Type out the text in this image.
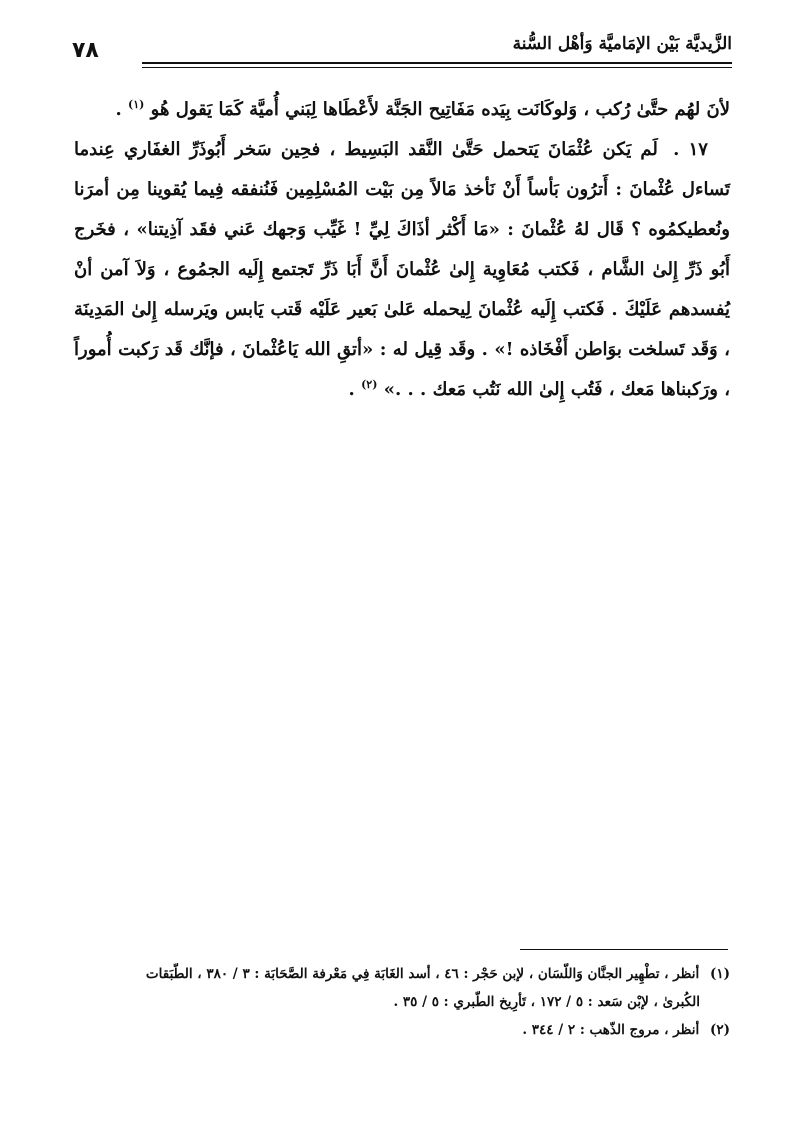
الزَّيديَّة بَيْن الإمَاميَّة وَأهْل السُّنة
٧٨

لأنَ لهُم حتَّىٰ رُكب ، وَلوكَانَت بِيَده مَفَاتِيح الجَنَّة لأَعْطَاها لِبَني أُميَّة كَمَا يَقول هُو $^{(١)}$ .

١٧ . لَم يَكن عُثْمَانَ يَتحمل حَتَّىٰ النَّقد البَسِيط ، فحِين سَخر أَبُوذَرِّ الغفَاري عِندما تَساءل عُثْمانَ : أَترُون بَأساً أَنْ نَأخذ مَالاً مِن بَيْت المُسْلِمِين فَنُنفقه فِيما يُقوينا مِن أمرَنا ونُعطيكمُوه ؟ قَال لهُ عُثْمانَ : «مَا أَكْثر أذَاكَ لِيِّ ! غَيِّب وَجهك عَني فقَد آذِيتنا» ، فخَرج أَبُو ذَرِّ إِلىٰ الشَّام ، فَكتب مُعَاوِية إِلىٰ عُثْمانَ أَنَّ أَبَا ذَرِّ تَجتمع إِلَيه الجمُوع ، وَلاَ آمن أنْ يُفسدهم عَلَيْكَ . فَكتب إِلَيه عُثْمانَ لِيحمله عَلىٰ بَعير عَلَيْه قَتب يَابس ويَرسله إِلىٰ المَدِينَة ، وَقَد تَسلخت بوَاطن أَفْخَاذه !» . وقَد قِيل له : «أتقِ الله يَاعُثْمانَ ، فإنَّك قَد رَكبت أُموراً ، ورَكبناها مَعك ، فَتُب إِلىٰ الله نَتُب مَعك . . .» $^{(٢)}$ .

(١) أنظر ، تطْهِير الجنَّان وَاللّسَان ، لإبن حَجْر : ٤٦ ، أسد الغَابَة فِي مَعْرفة الصَّحَابَة : ٣ / ٣٨٠ ، الطّبَقات

الكُبرىٰ ، لإبْن سَعد : ٥ / ١٧٢ ، تَأرِيخ الطّبري : ٥ / ٣٥ .

(٢) أنظر ، مروج الذّهب : ٢ / ٣٤٤ .
